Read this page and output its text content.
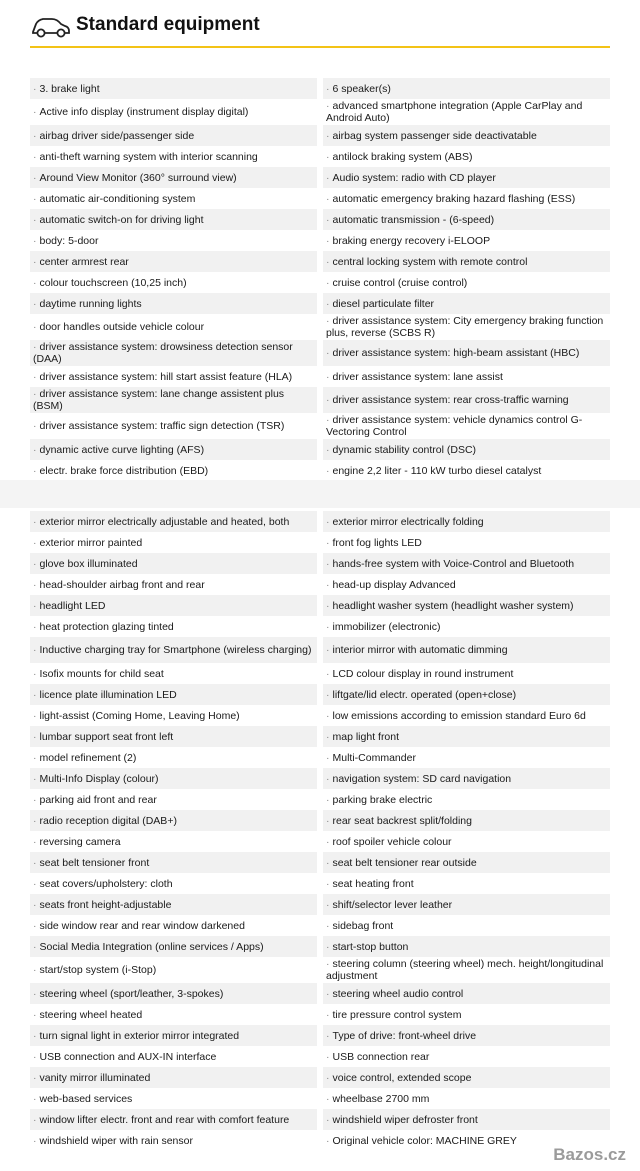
Standard equipment
· 3. brake light	· 6 speaker(s)
· Active info display (instrument display digital)	· advanced smartphone integration (Apple CarPlay and Android Auto)
· airbag driver side/passenger side	· airbag system passenger side deactivatable
· anti-theft warning system with interior scanning	· antilock braking system (ABS)
· Around View Monitor (360° surround view)	· Audio system: radio with CD player
· automatic air-conditioning system	· automatic emergency braking hazard flashing (ESS)
· automatic switch-on for driving light	· automatic transmission - (6-speed)
· body: 5-door	· braking energy recovery i-ELOOP
· center armrest rear	· central locking system with remote control
· colour touchscreen (10,25 inch)	· cruise control (cruise control)
· daytime running lights	· diesel particulate filter
· door handles outside vehicle colour	· driver assistance system: City emergency braking function plus, reverse (SCBS R)
· driver assistance system: drowsiness detection sensor (DAA)	· driver assistance system: high-beam assistant (HBC)
· driver assistance system: hill start assist feature (HLA)	· driver assistance system: lane assist
· driver assistance system: lane change assistent plus (BSM)	· driver assistance system: rear cross-traffic warning
· driver assistance system: traffic sign detection (TSR)	· driver assistance system: vehicle dynamics control G-Vectoring Control
· dynamic active curve lighting (AFS)	· dynamic stability control (DSC)
· electr. brake force distribution (EBD)	· engine 2,2 liter - 110 kW turbo diesel catalyst
· exterior mirror electrically adjustable and heated, both	· exterior mirror electrically folding
· exterior mirror painted	· front fog lights LED
· glove box illuminated	· hands-free system with Voice-Control and Bluetooth
· head-shoulder airbag front and rear	· head-up display Advanced
· headlight LED	· headlight washer system (headlight washer system)
· heat protection glazing tinted	· immobilizer (electronic)
· Inductive charging tray for Smartphone (wireless charging)	· interior mirror with automatic dimming
· Isofix mounts for child seat	· LCD colour display in round instrument
· licence plate illumination LED	· liftgate/lid electr. operated (open+close)
· light-assist (Coming Home, Leaving Home)	· low emissions according to emission standard Euro 6d
· lumbar support seat front left	· map light front
· model refinement (2)	· Multi-Commander
· Multi-Info Display (colour)	· navigation system: SD card navigation
· parking aid front and rear	· parking brake electric
· radio reception digital (DAB+)	· rear seat backrest split/folding
· reversing camera	· roof spoiler vehicle colour
· seat belt tensioner front	· seat belt tensioner rear outside
· seat covers/upholstery: cloth	· seat heating front
· seats front height-adjustable	· shift/selector lever leather
· side window rear and rear window darkened	· sidebag front
· Social Media Integration (online services / Apps)	· start-stop button
· start/stop system (i-Stop)	· steering column (steering wheel) mech. height/longitudinal adjustment
· steering wheel (sport/leather, 3-spokes)	· steering wheel audio control
· steering wheel heated	· tire pressure control system
· turn signal light in exterior mirror integrated	· Type of drive: front-wheel drive
· USB connection and AUX-IN interface	· USB connection rear
· vanity mirror illuminated	· voice control, extended scope
· web-based services	· wheelbase 2700 mm
· window lifter electr. front and rear with comfort feature	· windshield wiper defroster front
· windshield wiper with rain sensor	· Original vehicle color: MACHINE GREY
Bazos.cz
